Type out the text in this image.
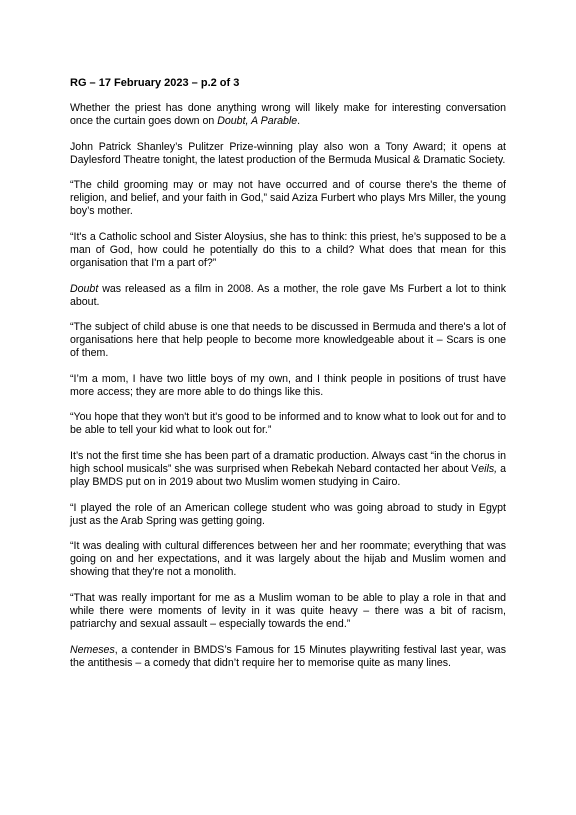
RG – 17 February 2023 – p.2 of 3

Whether the priest has done anything wrong will likely make for interesting conversation once the curtain goes down on Doubt, A Parable.

John Patrick Shanley’s Pulitzer Prize-winning play also won a Tony Award; it opens at Daylesford Theatre tonight, the latest production of the Bermuda Musical & Dramatic Society.

“The child grooming may or may not have occurred and of course there's the theme of religion, and belief, and your faith in God,” said Aziza Furbert who plays Mrs Miller, the young boy’s mother.

“It's a Catholic school and Sister Aloysius, she has to think: this priest, he’s supposed to be a man of God, how could he potentially do this to a child? What does that mean for this organisation that I'm a part of?”

Doubt was released as a film in 2008. As a mother, the role gave Ms Furbert a lot to think about.

“The subject of child abuse is one that needs to be discussed in Bermuda and there's a lot of organisations here that help people to become more knowledgeable about it – Scars is one of them.

“I’m a mom, I have two little boys of my own, and I think people in positions of trust have more access; they are more able to do things like this.

“You hope that they won't but it's good to be informed and to know what to look out for and to be able to tell your kid what to look out for.”

It’s not the first time she has been part of a dramatic production. Always cast “in the chorus in high school musicals” she was surprised when Rebekah Nebard contacted her about Veils, a play BMDS put on in 2019 about two Muslim women studying in Cairo.

“I played the role of an American college student who was going abroad to study in Egypt just as the Arab Spring was getting going.

“It was dealing with cultural differences between her and her roommate; everything that was going on and her expectations, and it was largely about the hijab and Muslim women and showing that they're not a monolith.

“That was really important for me as a Muslim woman to be able to play a role in that and while there were moments of levity in it was quite heavy – there was a bit of racism, patriarchy and sexual assault – especially towards the end.”

Nemeses, a contender in BMDS’s Famous for 15 Minutes playwriting festival last year, was the antithesis – a comedy that didn’t require her to memorise quite as many lines.
